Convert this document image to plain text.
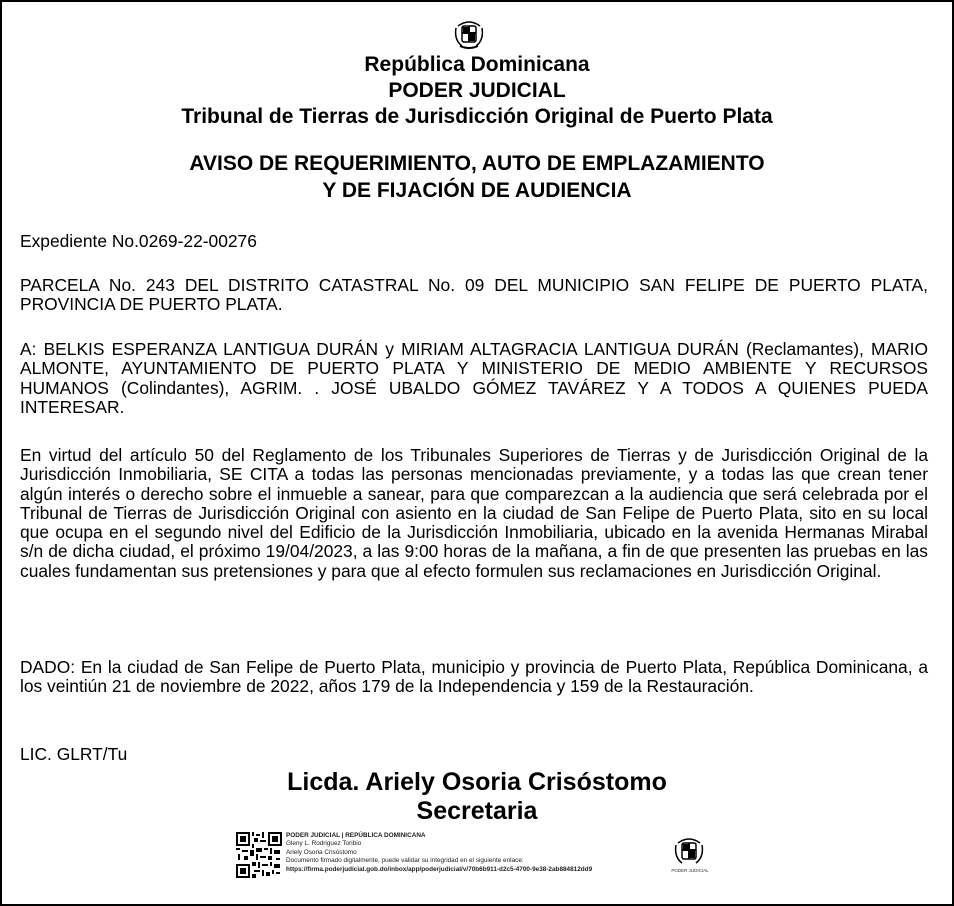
República Dominicana
PODER JUDICIAL
Tribunal de Tierras de Jurisdicción Original de Puerto Plata
AVISO DE REQUERIMIENTO, AUTO DE EMPLAZAMIENTO
Y DE FIJACIÓN DE AUDIENCIA
Expediente No.0269-22-00276
PARCELA No. 243 DEL DISTRITO CATASTRAL No. 09 DEL MUNICIPIO SAN FELIPE DE PUERTO PLATA, PROVINCIA DE PUERTO PLATA.
A: BELKIS ESPERANZA LANTIGUA DURÁN y MIRIAM ALTAGRACIA LANTIGUA DURÁN (Reclamantes), MARIO ALMONTE, AYUNTAMIENTO DE PUERTO PLATA Y MINISTERIO DE MEDIO AMBIENTE Y RECURSOS HUMANOS (Colindantes), AGRIM. . JOSÉ UBALDO GÓMEZ TAVÁREZ Y A TODOS A QUIENES PUEDA INTERESAR.
En virtud del artículo 50 del Reglamento de los Tribunales Superiores de Tierras y de Jurisdicción Original de la Jurisdicción Inmobiliaria, SE CITA a todas las personas mencionadas previamente, y a todas las que crean tener algún interés o derecho sobre el inmueble a sanear, para que comparezcan a la audiencia que será celebrada por el Tribunal de Tierras de Jurisdicción Original con asiento en la ciudad de San Felipe de Puerto Plata, sito en su local que ocupa en el segundo nivel del Edificio de la Jurisdicción Inmobiliaria, ubicado en la avenida Hermanas Mirabal s/n de dicha ciudad, el próximo 19/04/2023, a las 9:00 horas de la mañana, a fin de que presenten las pruebas en las cuales fundamentan sus pretensiones y para que al efecto formulen sus reclamaciones en Jurisdicción Original.
DADO: En la ciudad de San Felipe de Puerto Plata, municipio y provincia de Puerto Plata, República Dominicana, a los veintiún 21 de noviembre de 2022, años 179 de la Independencia y 159 de la Restauración.
LIC. GLRT/Tu
Licda. Ariely Osoria Crisóstomo
Secretaria
PODER JUDICIAL | REPÚBLICA DOMINICANA
Gleny L. Rodriguez Toribio
Ariely Osoria Crisóstomo
Documento firmado digitalmente, puede validar su integridad en el siguiente enlace:
https://firma.poderjudicial.gob.do/inbox/app/poderjudicial/v/70b6b911-d2c5-4700-9e38-2ab884812dd9	PODER JUDICIAL
